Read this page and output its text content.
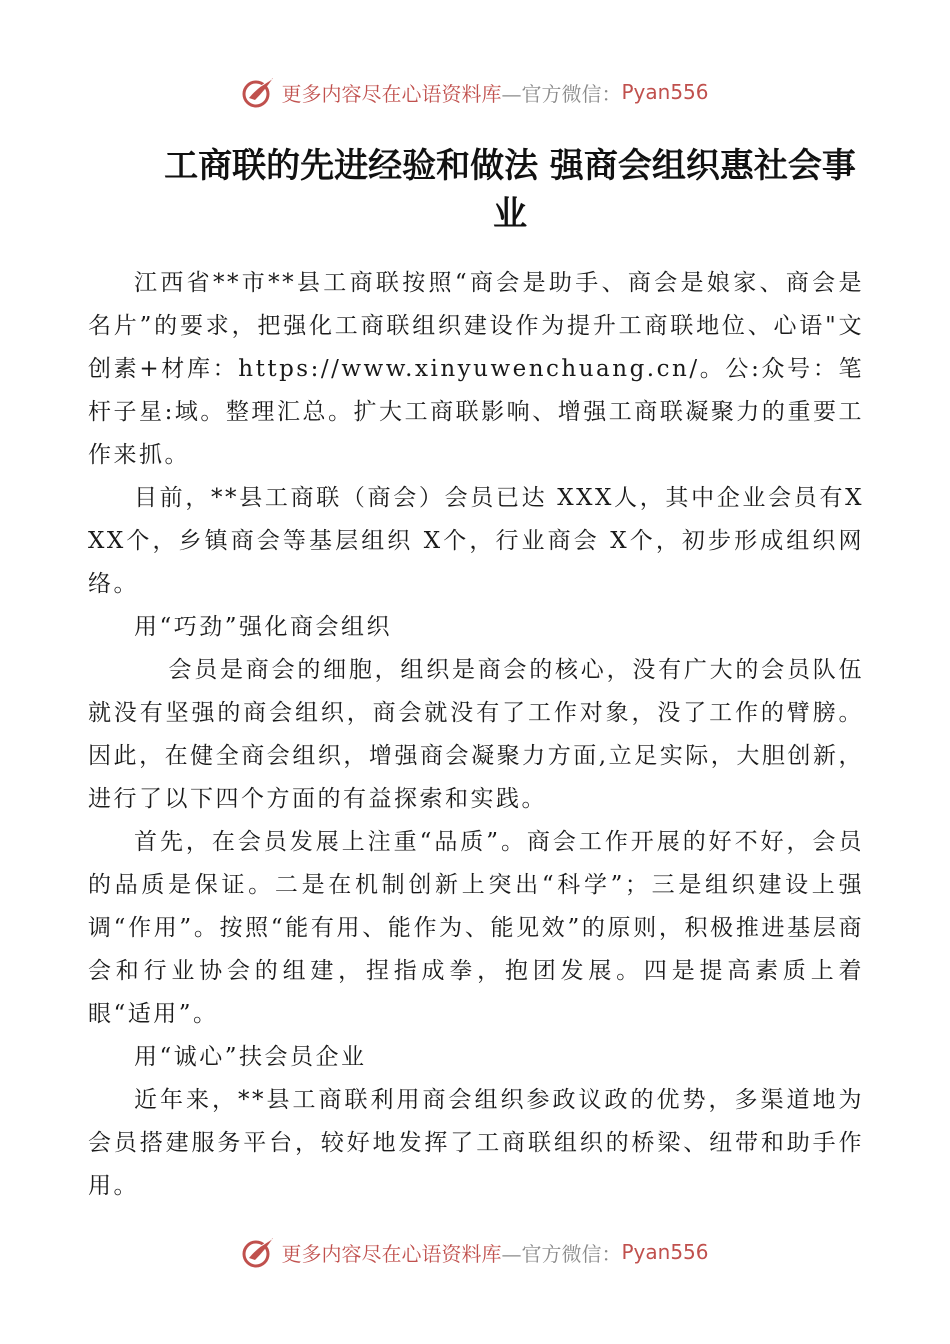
更多内容尽在心语资料库 —官方微信： Pyan556
工商联的先进经验和做法 强商会组织惠社会事业

江西省**市**县工商联按照“商会是助手、商会是娘家、商会是名片”的要求，把强化工商联组织建设作为提升工商联地位、心语"文创素+材库：https://www.xinyuwenchuang.cn/。公:众号：笔杆子星:域。整理汇总。扩大工商联影响、增强工商联凝聚力的重要工作来抓。

目前，**县工商联（商会）会员已达 XXX人，其中企业会员有XXX个，乡镇商会等基层组织 X个，行业商会 X个，初步形成组织网络。

用“巧劲”强化商会组织

会员是商会的细胞，组织是商会的核心，没有广大的会员队伍就没有坚强的商会组织，商会就没有了工作对象，没了工作的臂膀。因此，在健全商会组织，增强商会凝聚力方面,立足实际，大胆创新，进行了以下四个方面的有益探索和实践。

首先，在会员发展上注重“品质”。商会工作开展的好不好，会员的品质是保证。二是在机制创新上突出“科学”；三是组织建设上强调“作用”。按照“能有用、能作为、能见效”的原则，积极推进基层商会和行业协会的组建，捏指成拳，抱团发展。四是提高素质上着眼“适用”。

用“诚心”扶会员企业

近年来，**县工商联利用商会组织参政议政的优势，多渠道地为会员搭建服务平台，较好地发挥了工商联组织的桥梁、纽带和助手作用。

更多内容尽在心语资料库 —官方微信： Pyan556
